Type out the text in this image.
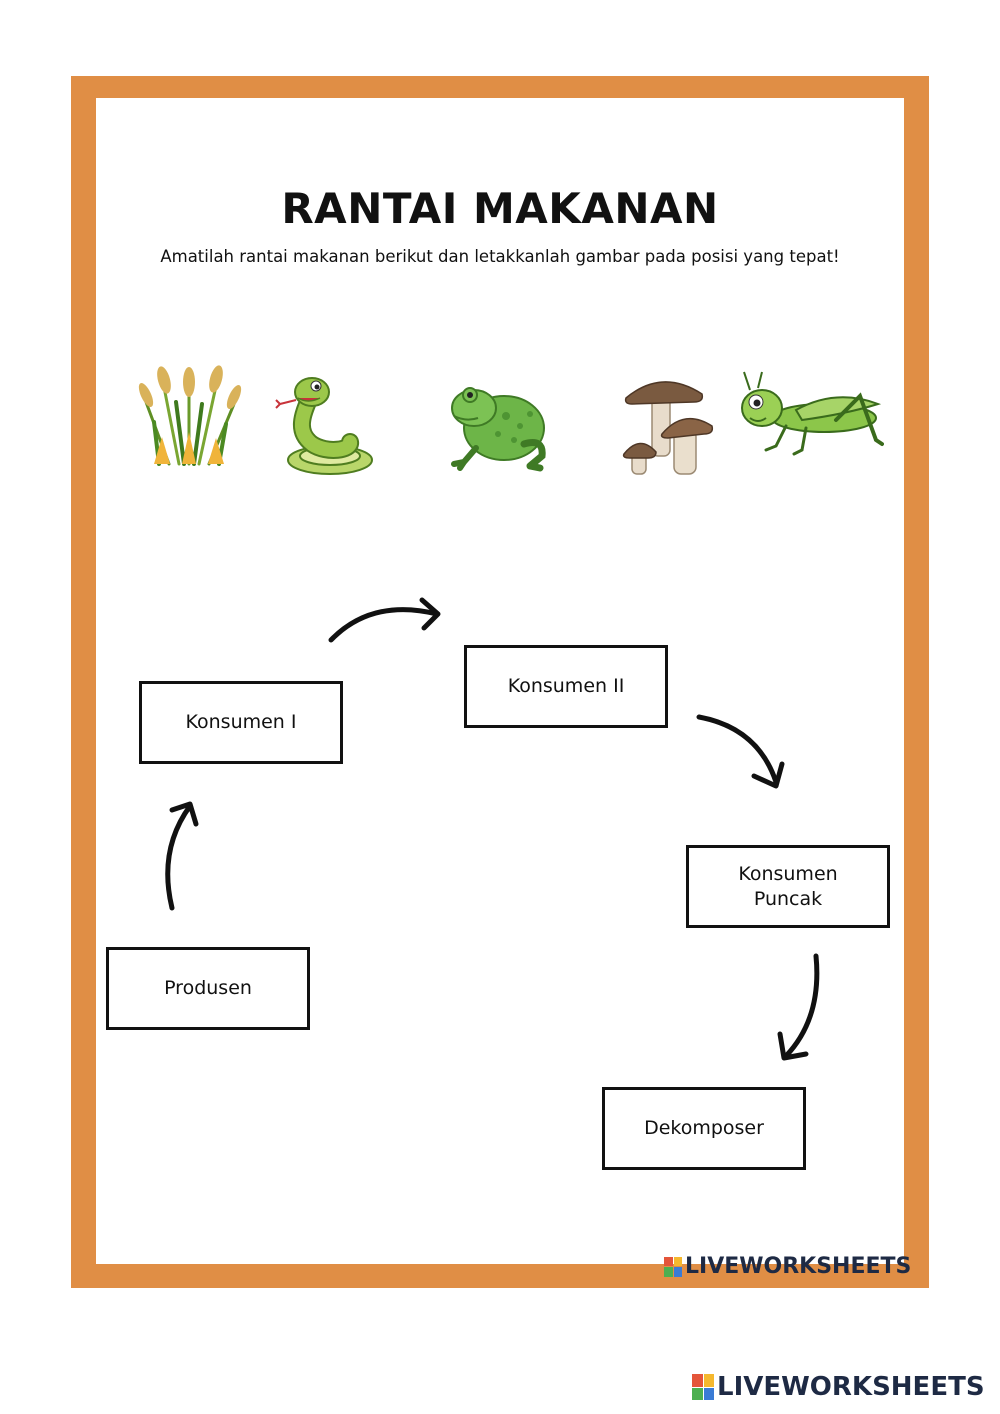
RANTAI MAKANAN
Amatilah rantai makanan berikut dan letakkanlah gambar pada posisi yang tepat!
Konsumen I
Konsumen II
Konsumen
Puncak
Produsen
Dekomposer
LIVEWORKSHEETS
LIVEWORKSHEETS
